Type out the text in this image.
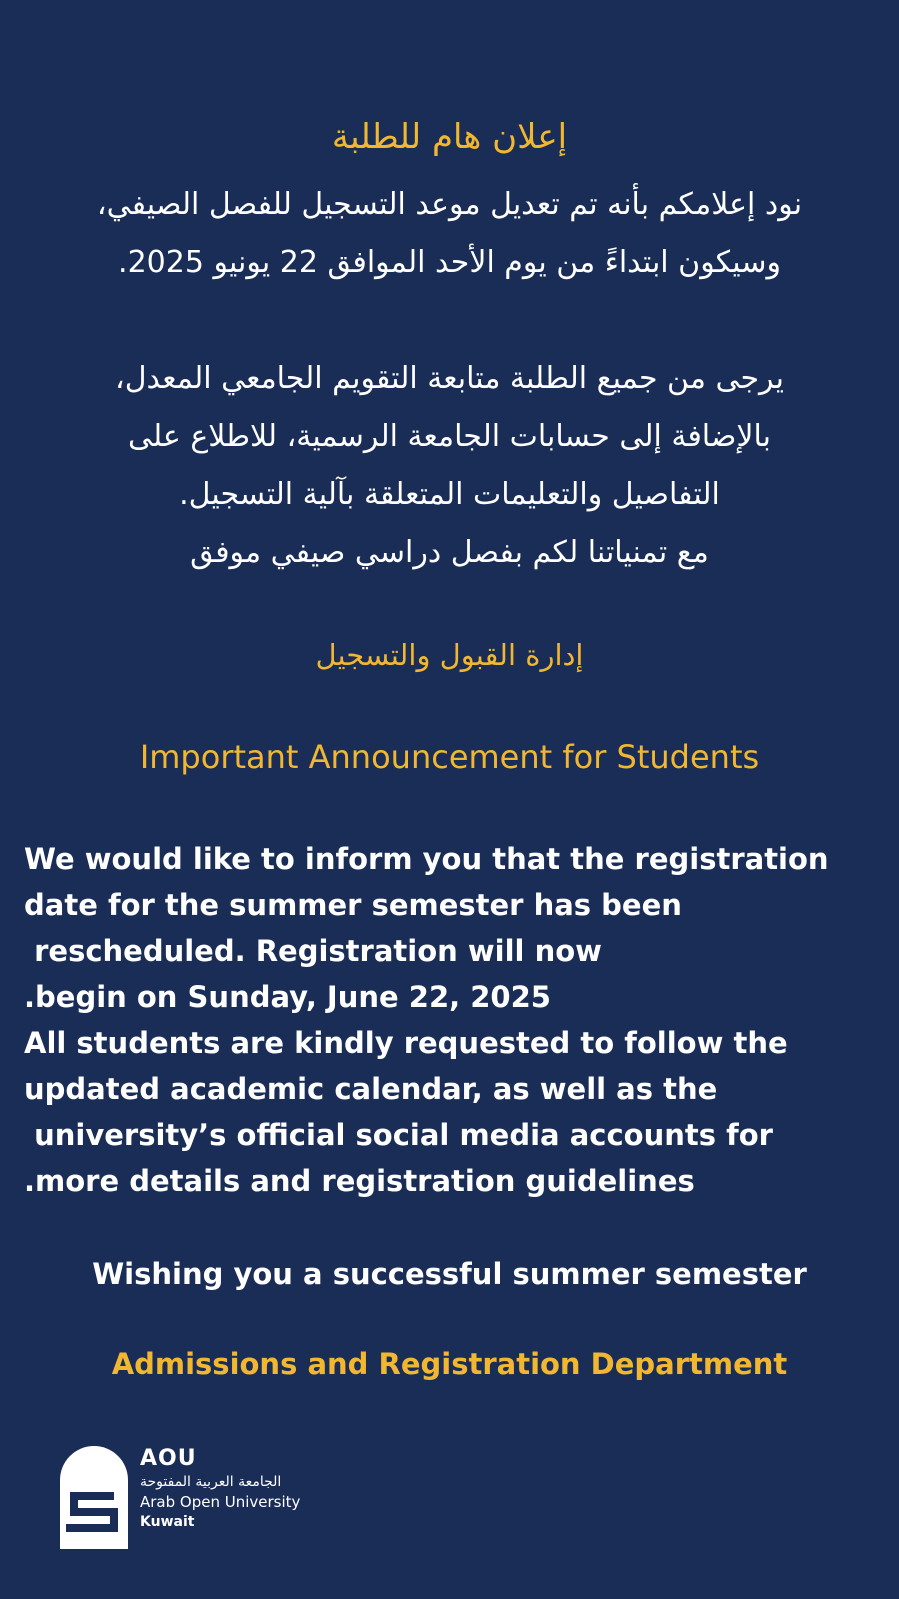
إعلان هام للطلبة
نود إعلامكم بأنه تم تعديل موعد التسجيل للفصل الصيفي،
وسيكون ابتداءً من يوم الأحد الموافق 22 يونيو 2025.
يرجى من جميع الطلبة متابعة التقويم الجامعي المعدل،
بالإضافة إلى حسابات الجامعة الرسمية، للاطلاع على
التفاصيل والتعليمات المتعلقة بآلية التسجيل.
مع تمنياتنا لكم بفصل دراسي صيفي موفق
إدارة القبول والتسجيل
Important Announcement for Students
We would like to inform you that the registration
date for the summer semester has been
rescheduled. Registration will now
.begin on Sunday, June 22, 2025
All students are kindly requested to follow the
updated academic calendar, as well as the
university’s official social media accounts for
.more details and registration guidelines
Wishing you a successful summer semester
Admissions and Registration Department
AOU
الجامعة العربية المفتوحة
Arab Open University
Kuwait
